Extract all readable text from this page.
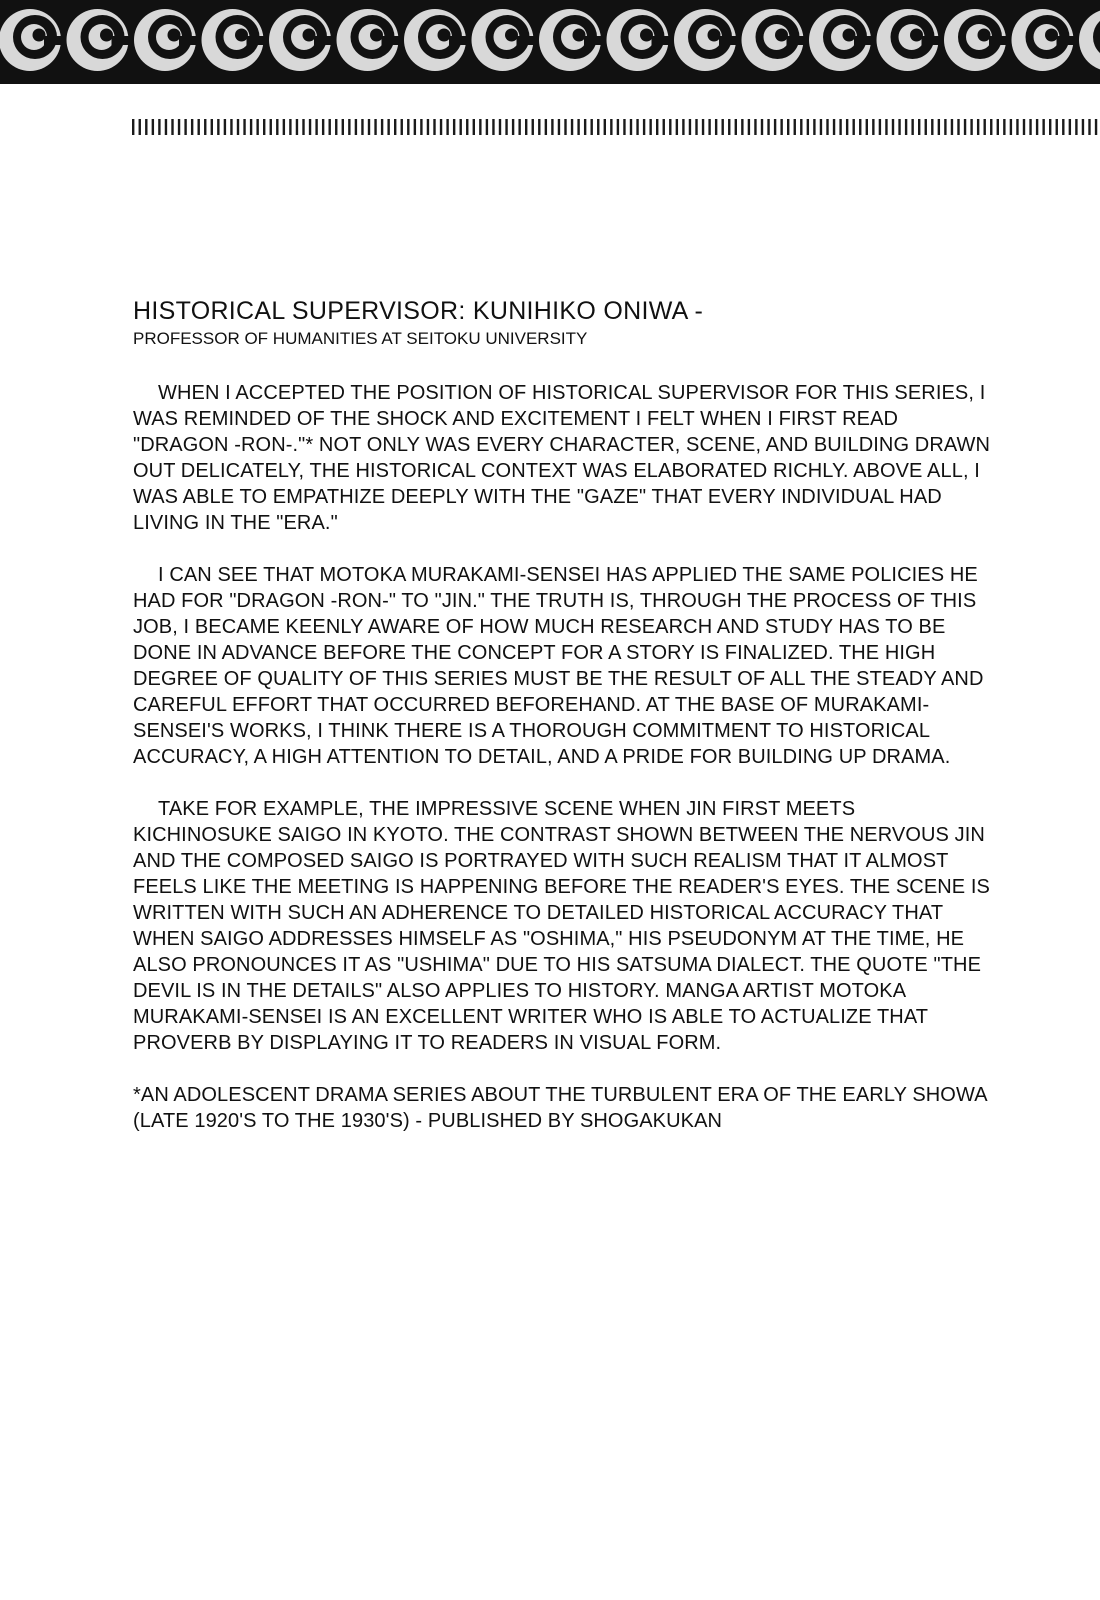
HISTORICAL SUPERVISOR: KUNIHIKO ONIWA -

PROFESSOR OF HUMANITIES AT SEITOKU UNIVERSITY

WHEN I ACCEPTED THE POSITION OF HISTORICAL SUPERVISOR FOR THIS SERIES, I WAS REMINDED OF THE SHOCK AND EXCITEMENT I FELT WHEN I FIRST READ "DRAGON -RON-."* NOT ONLY WAS EVERY CHARACTER, SCENE, AND BUILDING DRAWN OUT DELICATELY, THE HISTORICAL CONTEXT WAS ELABORATED RICHLY. ABOVE ALL, I WAS ABLE TO EMPATHIZE DEEPLY WITH THE "GAZE" THAT EVERY INDIVIDUAL HAD LIVING IN THE "ERA."

I CAN SEE THAT MOTOKA MURAKAMI-SENSEI HAS APPLIED THE SAME POLICIES HE HAD FOR "DRAGON -RON-" TO "JIN." THE TRUTH IS, THROUGH THE PROCESS OF THIS JOB, I BECAME KEENLY AWARE OF HOW MUCH RESEARCH AND STUDY HAS TO BE DONE IN ADVANCE BEFORE THE CONCEPT FOR A STORY IS FINALIZED. THE HIGH DEGREE OF QUALITY OF THIS SERIES MUST BE THE RESULT OF ALL THE STEADY AND CAREFUL EFFORT THAT OCCURRED BEFOREHAND. AT THE BASE OF MURAKAMI-SENSEI'S WORKS, I THINK THERE IS A THOROUGH COMMITMENT TO HISTORICAL ACCURACY, A HIGH ATTENTION TO DETAIL, AND A PRIDE FOR BUILDING UP DRAMA.

TAKE FOR EXAMPLE, THE IMPRESSIVE SCENE WHEN JIN FIRST MEETS KICHINOSUKE SAIGO IN KYOTO. THE CONTRAST SHOWN BETWEEN THE NERVOUS JIN AND THE COMPOSED SAIGO IS PORTRAYED WITH SUCH REALISM THAT IT ALMOST FEELS LIKE THE MEETING IS HAPPENING BEFORE THE READER'S EYES. THE SCENE IS WRITTEN WITH SUCH AN ADHERENCE TO DETAILED HISTORICAL ACCURACY THAT WHEN SAIGO ADDRESSES HIMSELF AS "OSHIMA," HIS PSEUDONYM AT THE TIME, HE ALSO PRONOUNCES IT AS "USHIMA" DUE TO HIS SATSUMA DIALECT. THE QUOTE "THE DEVIL IS IN THE DETAILS" ALSO APPLIES TO HISTORY. MANGA ARTIST MOTOKA MURAKAMI-SENSEI IS AN EXCELLENT WRITER WHO IS ABLE TO ACTUALIZE THAT PROVERB BY DISPLAYING IT TO READERS IN VISUAL FORM.

*AN ADOLESCENT DRAMA SERIES ABOUT THE TURBULENT ERA OF THE EARLY SHOWA (LATE 1920'S TO THE 1930'S) - PUBLISHED BY SHOGAKUKAN
